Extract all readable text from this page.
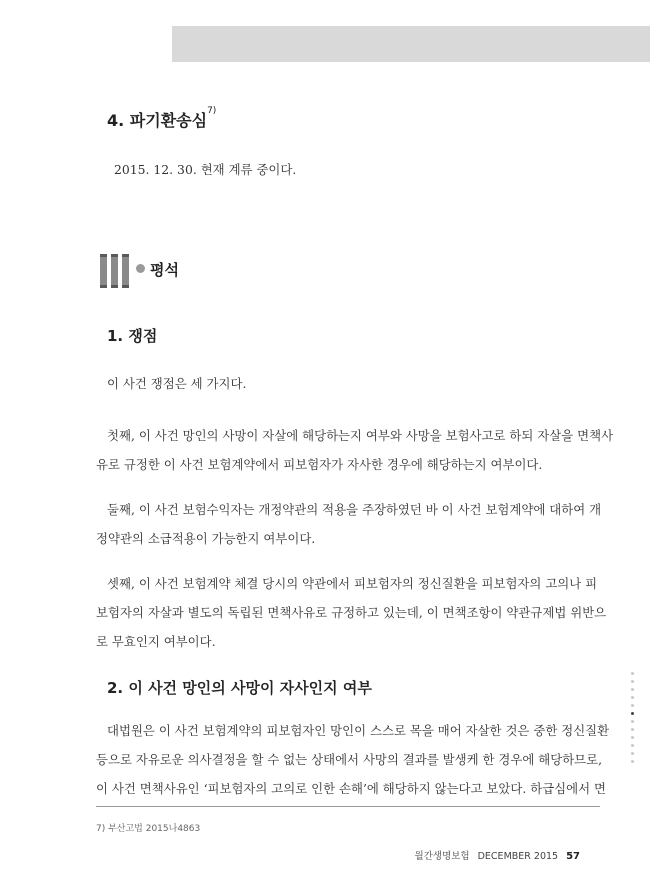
4. 파기환송심$^{7)}$
2015. 12. 30. 현재 계류 중이다.
평석
1. 쟁점
이 사건 쟁점은 세 가지다.
첫째, 이 사건 망인의 사망이 자살에 해당하는지 여부와 사망을 보험사고로 하되 자살을 면책사
유로 규정한 이 사건 보험계약에서 피보험자가 자사한 경우에 해당하는지 여부이다.
둘째, 이 사건 보험수익자는 개정약관의 적용을 주장하였던 바 이 사건 보험계약에 대하여 개
정약관의 소급적용이 가능한지 여부이다.
셋째, 이 사건 보험계약 체결 당시의 약관에서 피보험자의 정신질환을 피보험자의 고의나 피
보험자의 자살과 별도의 독립된 면책사유로 규정하고 있는데, 이 면책조항이 약관규제법 위반으
로 무효인지 여부이다.
2. 이 사건 망인의 사망이 자사인지 여부
대법원은 이 사건 보험계약의 피보험자인 망인이 스스로 목을 매어 자살한 것은 중한 정신질환
등으로 자유로운 의사결정을 할 수 없는 상태에서 사망의 결과를 발생케 한 경우에 해당하므로,
이 사건 면책사유인 ‘피보험자의 고의로 인한 손해’에 해당하지 않는다고 보았다. 하급심에서 면
7) 부산고법 2015나4863
월간생명보험 DECEMBER 2015 57
